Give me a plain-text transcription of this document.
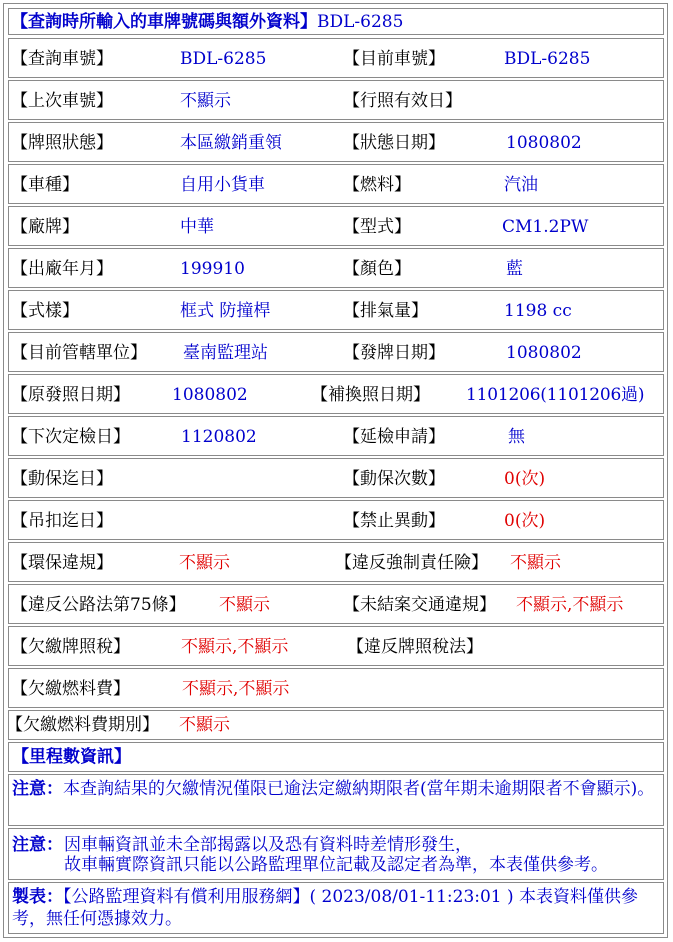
【查詢時所輸入的車牌號碼與額外資料】BDL-6285
【查詢車號】	BDL-6285	【目前車號】	BDL-6285
【上次車號】	不顯示	【行照有效日】
【牌照狀態】	本區繳銷重領	【狀態日期】	1080802
【車種】	自用小貨車	【燃料】	汽油
【廠牌】	中華	【型式】	CM1.2PW
【出廠年月】	199910	【顏色】	藍
【式樣】	框式 防撞桿	【排氣量】	1198 cc
【目前管轄單位】 臺南監理站	【發牌日期】	1080802
【原發照日期】 1080802	【補換照日期】 1101206(1101206過)
【下次定檢日】	1120802	【延檢申請】	無
【動保迄日】	【動保次數】	0(次)
【吊扣迄日】	【禁止異動】	0(次)
【環保違規】	不顯示	【違反強制責任險】 不顯示
【違反公路法第75條】 不顯示	【未結案交通違規】 不顯示,不顯示
【欠繳牌照稅】	不顯示,不顯示	【違反牌照稅法】
【欠繳燃料費】	不顯示,不顯示
【欠繳燃料費期別】 不顯示
【里程數資訊】
注意：本查詢結果的欠繳情況僅限已逾法定繳納期限者(當年期未逾期限者不會顯示)。
注意： 因車輛資訊並未全部揭露以及恐有資料時差情形發生，
故車輛實際資訊只能以公路監理單位記載及認定者為準，本表僅供參考。
製表：【公路監理資料有償利用服務網】( 2023/08/01-11:23:01 ) 本表資料僅供參考，無任何憑據效力。
